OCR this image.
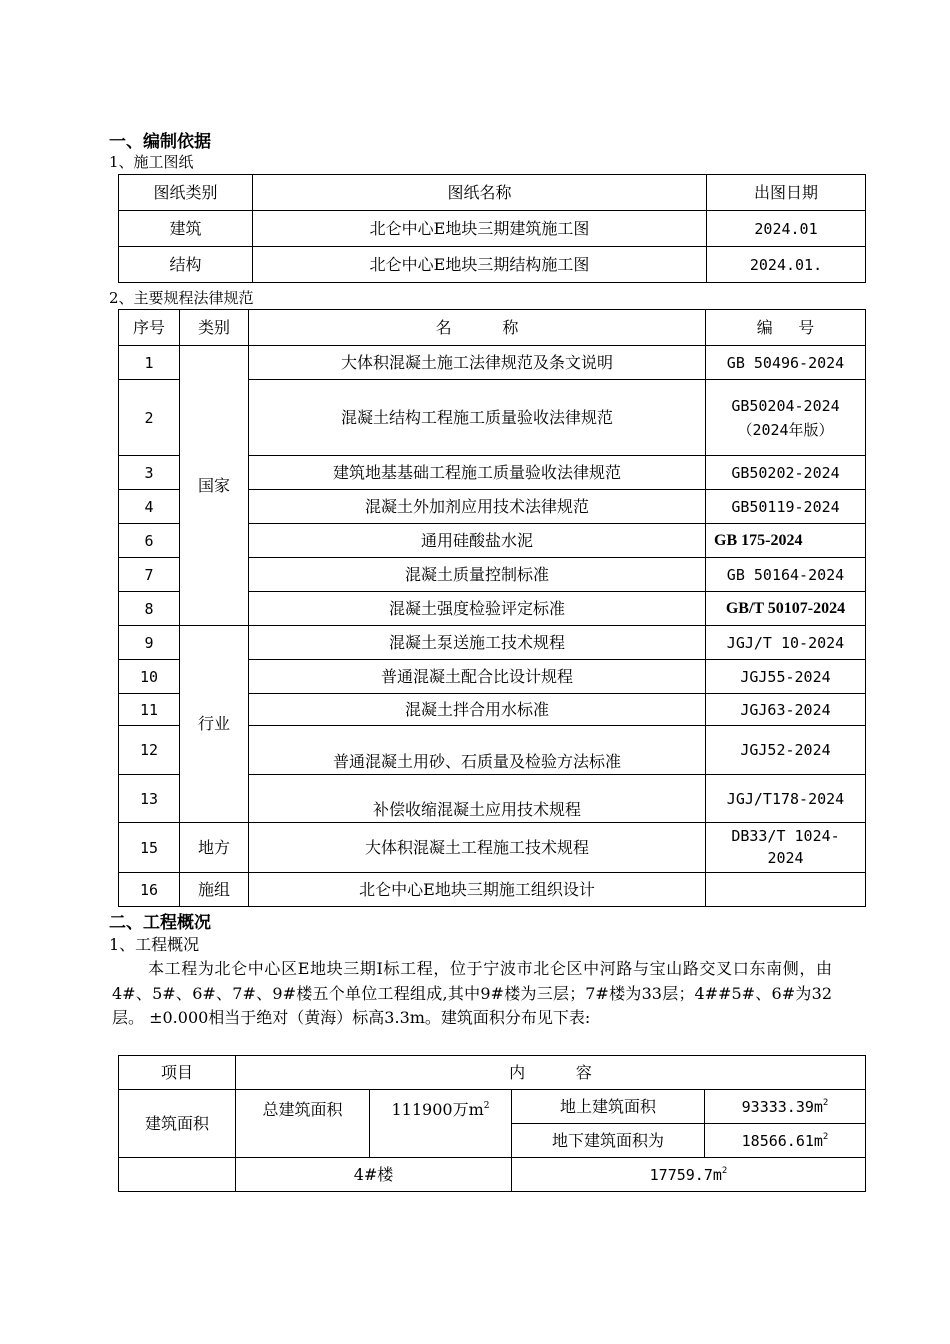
一、编制依据
1、施工图纸
图纸类别	图纸名称	出图日期
建筑	北仑中心E地块三期建筑施工图	2024.01
结构	北仑中心E地块三期结构施工图	2024.01.
2、主要规程法律规范
序号	类别	名          称	编     号
1	国家	大体积混凝土施工法律规范及条文说明	GB 50496-2024
2		混凝土结构工程施工质量验收法律规范	GB50204-2024（2024年版）
3		建筑地基基础工程施工质量验收法律规范	GB50202-2024
4		混凝土外加剂应用技术法律规范	GB50119-2024
6		通用硅酸盐水泥	GB 175-2024
7		混凝土质量控制标准	GB 50164-2024
8		混凝土强度检验评定标准	GB/T 50107-2024
9	行业	混凝土泵送施工技术规程	JGJ/T 10-2024
10		普通混凝土配合比设计规程	JGJ55-2024
11		混凝土拌合用水标准	JGJ63-2024
12		普通混凝土用砂、石质量及检验方法标准	JGJ52-2024
13		补偿收缩混凝土应用技术规程	JGJ/T178-2024
15	地方	大体积混凝土工程施工技术规程	DB33/T 1024-2024
16	施组	北仑中心E地块三期施工组织设计	
二、工程概况
1、工程概况
本工程为北仑中心区E地块三期Ⅰ标工程，位于宁波市北仑区中河路与宝山路交叉口东南侧，由4#、5#、6#、7#、9#楼五个单位工程组成,其中9#楼为三层；7#楼为33层；4##5#、6#为32层。 ±0.000相当于绝对（黄海）标高3.3m。建筑面积分布见下表:
项目	内          容			
建筑面积	总建筑面积	111900万$m^2$	地上建筑面积	$93333.39m^2$
			地下建筑面积为	$18566.61m^2$
	4#楼		$17759.7m^2$
